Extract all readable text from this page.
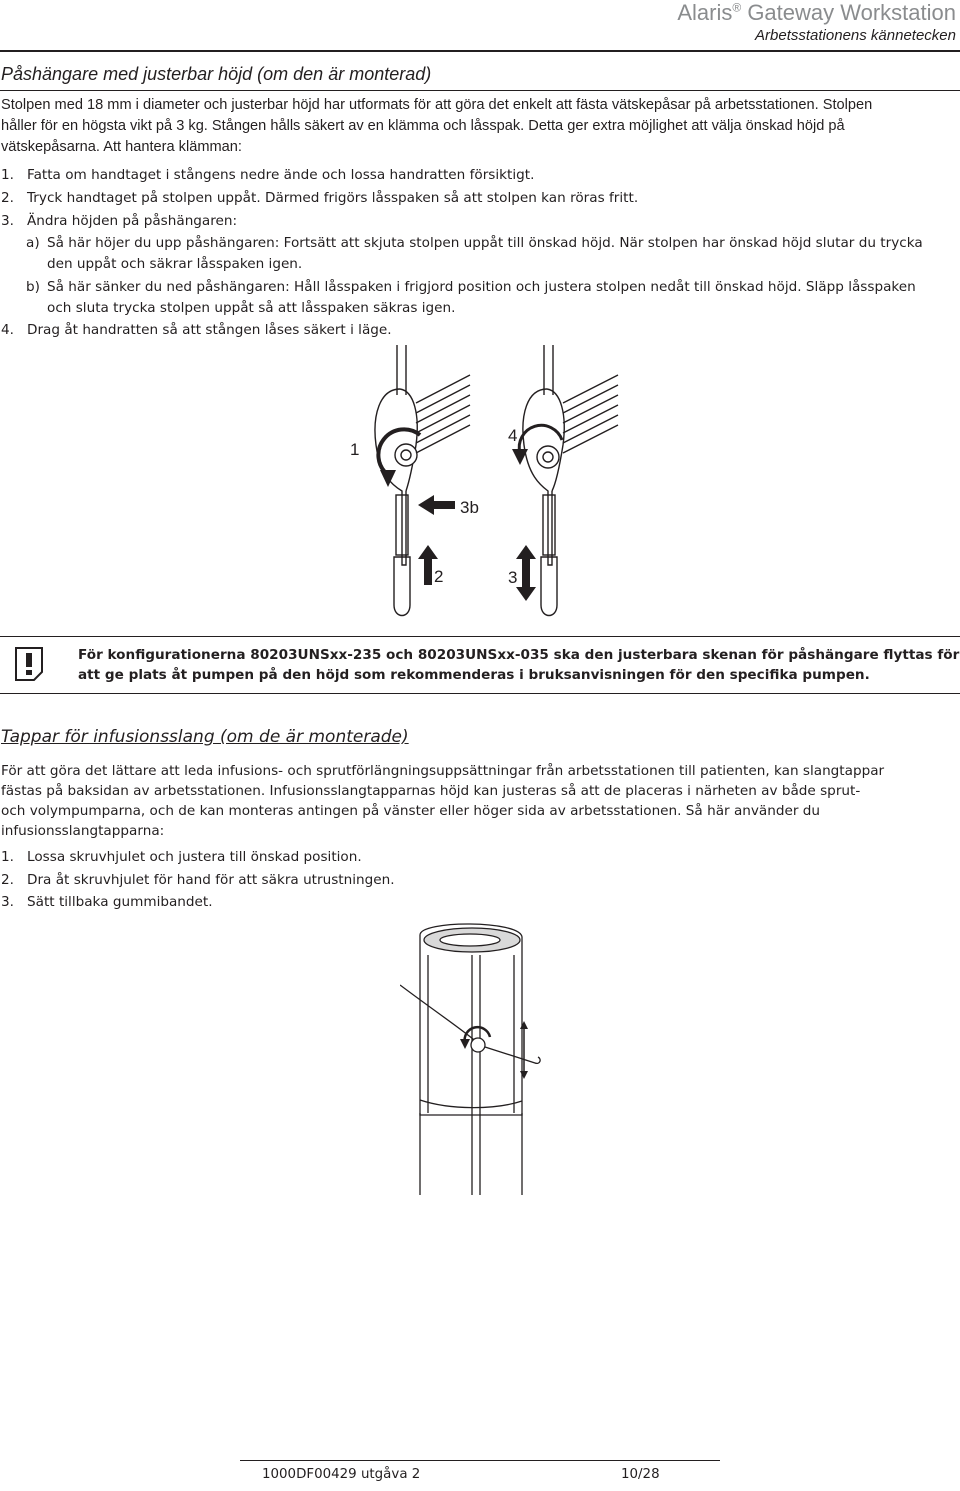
Alaris® Gateway Workstation
Arbetsstationens kännetecken
Påshängare med justerbar höjd (om den är monterad)
Stolpen med 18 mm i diameter och justerbar höjd har utformats för att göra det enkelt att fästa vätskepåsar på arbetsstationen. Stolpen
håller för en högsta vikt på 3 kg. Stången hålls säkert av en klämma och låsspak. Detta ger extra möjlighet att välja önskad höjd på
vätskepåsarna. Att hantera klämman:
1. Fatta om handtaget i stångens nedre ände och lossa handratten försiktigt.
2. Tryck handtaget på stolpen uppåt. Därmed frigörs låsspaken så att stolpen kan röras fritt.
3. Ändra höjden på påshängaren:
a) Så här höjer du upp påshängaren: Fortsätt att skjuta stolpen uppåt till önskad höjd. När stolpen har önskad höjd slutar du trycka
den uppåt och säkrar låsspaken igen.
b) Så här sänker du ned påshängaren: Håll låsspaken i frigjord position och justera stolpen nedåt till önskad höjd. Släpp låsspaken
och sluta trycka stolpen uppåt så att låsspaken säkras igen.
4. Drag åt handratten så att stången låses säkert i läge.
1
4
3b
2	3
För konfigurationerna 80203UNSxx-235 och 80203UNSxx-035 ska den justerbara skenan för påshängare flyttas för
att ge plats åt pumpen på den höjd som rekommenderas i bruksanvisningen för den specifika pumpen.
Tappar för infusionsslang (om de är monterade)
För att göra det lättare att leda infusions- och sprutförlängningsuppsättningar från arbetsstationen till patienten, kan slangtappar
fästas på baksidan av arbetsstationen. Infusionsslangtapparnas höjd kan justeras så att de placeras i närheten av både sprut-
och volympumparna, och de kan monteras antingen på vänster eller höger sida av arbetsstationen. Så här använder du
infusionsslangtapparna:
1. Lossa skruvhjulet och justera till önskad position.
2. Dra åt skruvhjulet för hand för att säkra utrustningen.
3. Sätt tillbaka gummibandet.
1000DF00429 utgåva 2	10/28
